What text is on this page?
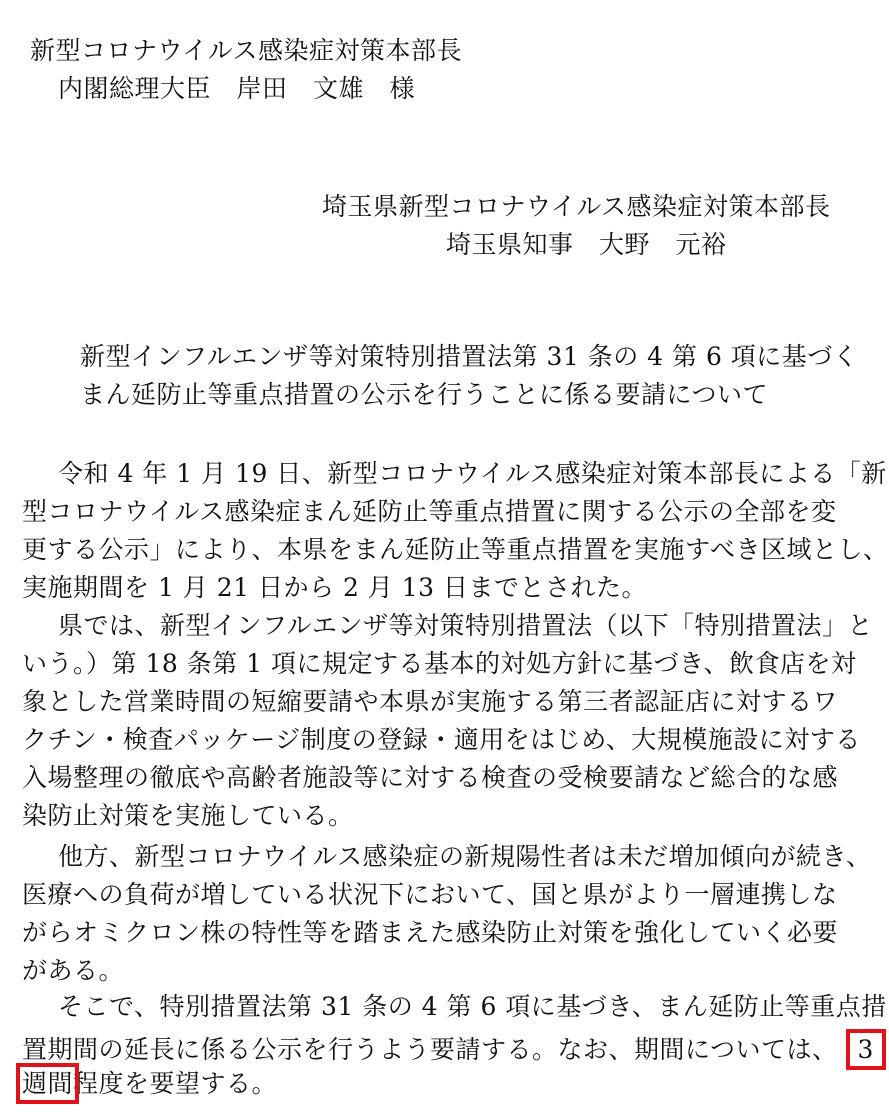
新型コロナウイルス感染症対策本部長
内閣総理大臣　岸田　文雄　様
埼玉県新型コロナウイルス感染症対策本部長
埼玉県知事　大野　元裕
新型インフルエンザ等対策特別措置法第 31 条の 4 第 6 項に基づく
まん延防止等重点措置の公示を行うことに係る要請について
令和 4 年 1 月 19 日、新型コロナウイルス感染症対策本部長による「新
型コロナウイルス感染症まん延防止等重点措置に関する公示の全部を変
更する公示」により、本県をまん延防止等重点措置を実施すべき区域とし、
実施期間を 1 月 21 日から 2 月 13 日までとされた。
県では、新型インフルエンザ等対策特別措置法（以下「特別措置法」と
いう。）第 18 条第 1 項に規定する基本的対処方針に基づき、飲食店を対
象とした営業時間の短縮要請や本県が実施する第三者認証店に対するワ
クチン・検査パッケージ制度の登録・適用をはじめ、大規模施設に対する
入場整理の徹底や高齢者施設等に対する検査の受検要請など総合的な感
染防止対策を実施している。
他方、新型コロナウイルス感染症の新規陽性者は未だ増加傾向が続き、
医療への負荷が増している状況下において、国と県がより一層連携しな
がらオミクロン株の特性等を踏まえた感染防止対策を強化していく必要
がある。
そこで、特別措置法第 31 条の 4 第 6 項に基づき、まん延防止等重点措
置期間の延長に係る公示を行うよう要請する。なお、期間については、 3
週間程度を要望する。
